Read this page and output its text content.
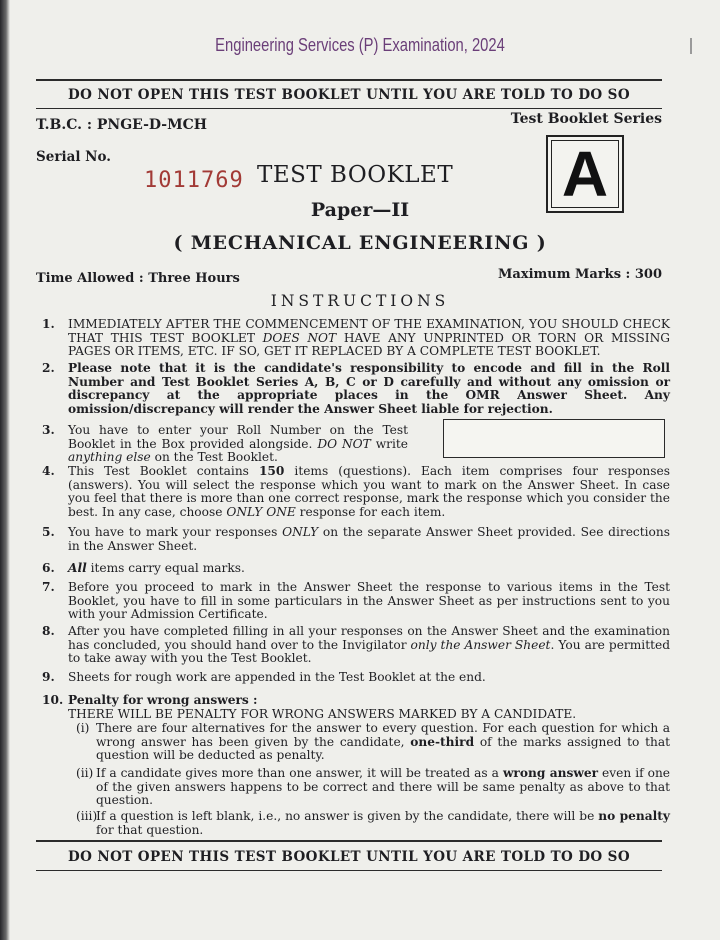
Engineering Services (P) Examination, 2024
DO NOT OPEN THIS TEST BOOKLET UNTIL YOU ARE TOLD TO DO SO
T.B.C. : PNGE-D-MCH	Test Booklet Series
Serial No.
1011769 TEST BOOKLET A
Paper—II
( MECHANICAL ENGINEERING )
Time Allowed : Three Hours	Maximum Marks : 300
INSTRUCTIONS
1.	IMMEDIATELY AFTER THE COMMENCEMENT OF THE EXAMINATION, YOU SHOULD CHECK THAT THIS TEST BOOKLET DOES NOT HAVE ANY UNPRINTED OR TORN OR MISSING PAGES OR ITEMS, ETC. IF SO, GET IT REPLACED BY A COMPLETE TEST BOOKLET.
2.	Please note that it is the candidate's responsibility to encode and fill in the Roll Number and Test Booklet Series A, B, C or D carefully and without any omission or discrepancy at the appropriate places in the OMR Answer Sheet. Any omission/discrepancy will render the Answer Sheet liable for rejection.
3.	You have to enter your Roll Number on the Test Booklet in the Box provided alongside. DO NOT write anything else on the Test Booklet.
4.	This Test Booklet contains 150 items (questions). Each item comprises four responses (answers). You will select the response which you want to mark on the Answer Sheet. In case you feel that there is more than one correct response, mark the response which you consider the best. In any case, choose ONLY ONE response for each item.
5.	You have to mark your responses ONLY on the separate Answer Sheet provided. See directions in the Answer Sheet.
6.	All items carry equal marks.
7.	Before you proceed to mark in the Answer Sheet the response to various items in the Test Booklet, you have to fill in some particulars in the Answer Sheet as per instructions sent to you with your Admission Certificate.
8.	After you have completed filling in all your responses on the Answer Sheet and the examination has concluded, you should hand over to the Invigilator only the Answer Sheet. You are permitted to take away with you the Test Booklet.
9.	Sheets for rough work are appended in the Test Booklet at the end.
10. Penalty for wrong answers :
THERE WILL BE PENALTY FOR WRONG ANSWERS MARKED BY A CANDIDATE.
(i) There are four alternatives for the answer to every question. For each question for which a wrong answer has been given by the candidate, one-third of the marks assigned to that question will be deducted as penalty.
(ii) If a candidate gives more than one answer, it will be treated as a wrong answer even if one of the given answers happens to be correct and there will be same penalty as above to that question.
(iii)
If a question is left blank, i.e., no answer is given by the candidate, there will be no penalty for that question.
DO NOT OPEN THIS TEST BOOKLET UNTIL YOU ARE TOLD TO DO SO
